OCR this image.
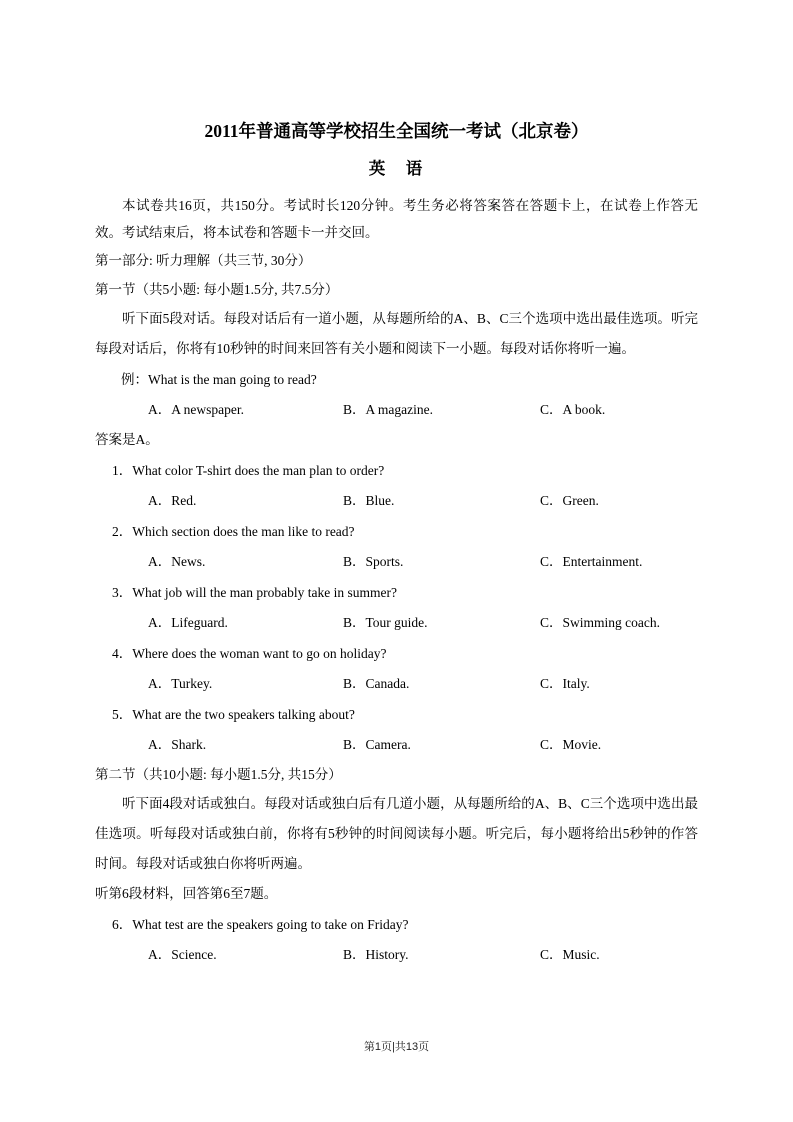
2011年普通高等学校招生全国统一考试（北京卷）
英　语

本试卷共16页，共150分。考试时长120分钟。考生务必将答案答在答题卡上，在试卷上作答无效。考试结束后，将本试卷和答题卡一并交回。

第一部分: 听力理解（共三节, 30分）

第一节（共5小题: 每小题1.5分, 共7.5分）

听下面5段对话。每段对话后有一道小题，从每题所给的A、B、C三个选项中选出最佳选项。听完每段对话后，你将有10秒钟的时间来回答有关小题和阅读下一小题。每段对话你将听一遍。

例：What is the man going to read?

A．A newspaper.	B．A magazine.	C．A book.

答案是A。

1．What color T-shirt does the man plan to order?

A．Red.	B．Blue.	C．Green.

2．Which section does the man like to read?

A．News.	B．Sports.	C．Entertainment.

3．What job will the man probably take in summer?

A．Lifeguard.	B．Tour guide.	C．Swimming coach.

4．Where does the woman want to go on holiday?

A．Turkey.	B．Canada.	C．Italy.

5．What are the two speakers talking about?

A．Shark.	B．Camera.	C．Movie.

第二节（共10小题: 每小题1.5分, 共15分）

听下面4段对话或独白。每段对话或独白后有几道小题，从每题所给的A、B、C三个选项中选出最佳选项。听每段对话或独白前，你将有5秒钟的时间阅读每小题。听完后，每小题将给出5秒钟的作答时间。每段对话或独白你将听两遍。

听第6段材料，回答第6至7题。

6．What test are the speakers going to take on Friday?

A．Science.	B．History.	C．Music.
第1页|共13页
